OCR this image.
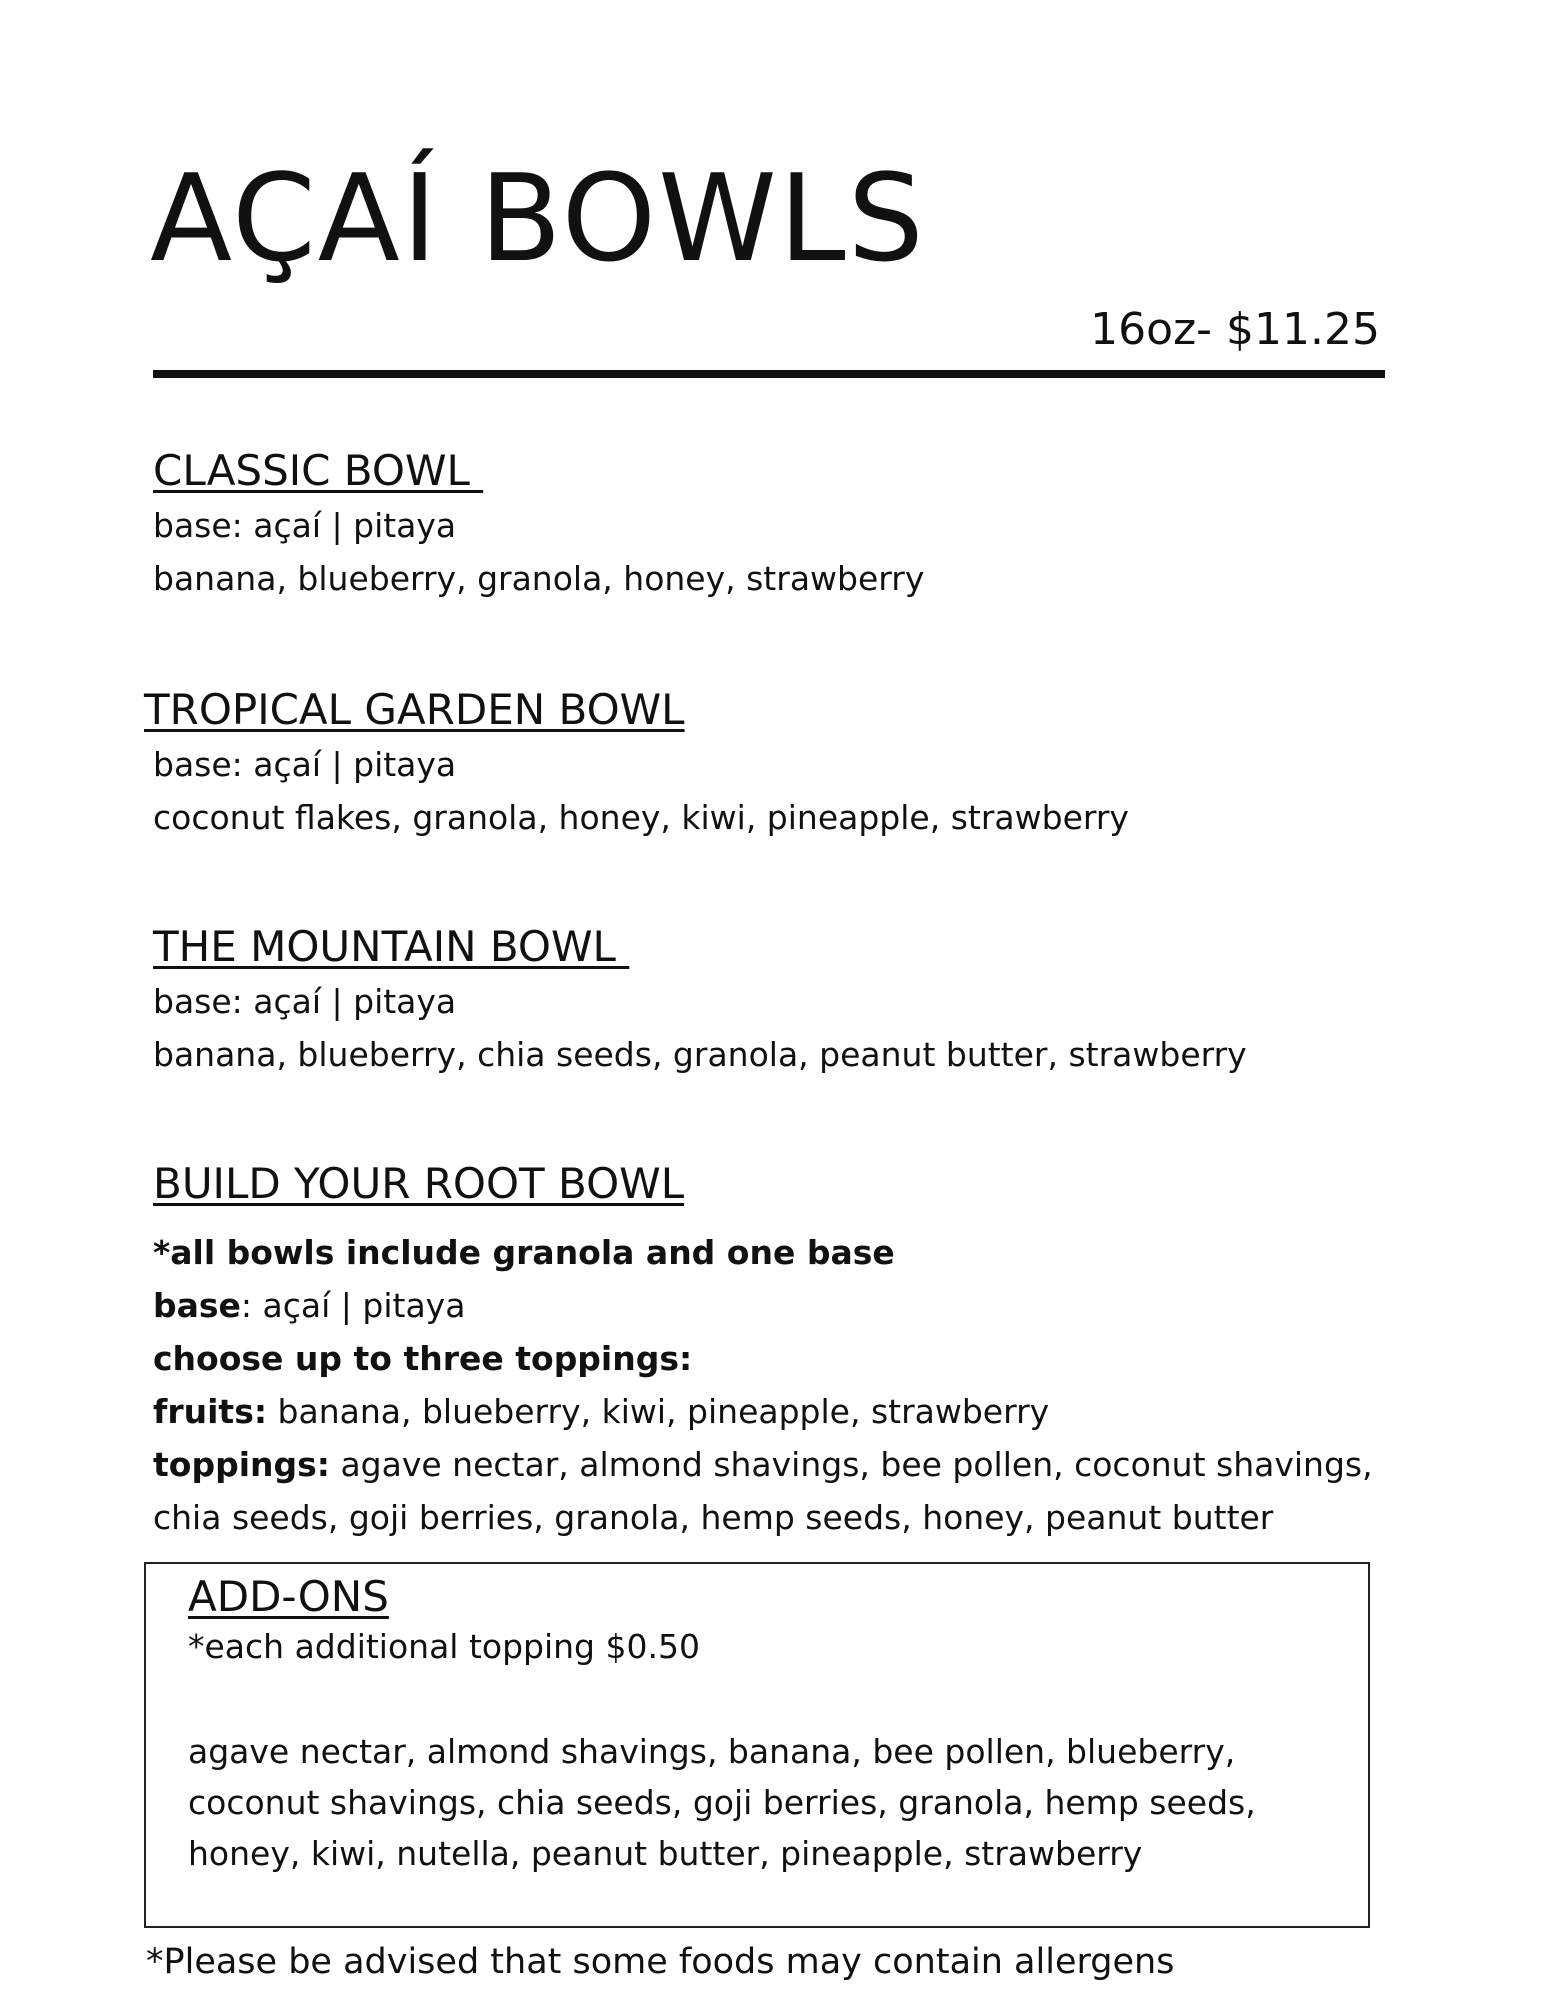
AÇAÍ BOWLS
16oz- $11.25
CLASSIC BOWL
base: açaí | pitaya
banana, blueberry, granola, honey, strawberry
TROPICAL GARDEN BOWL
base: açaí | pitaya
coconut flakes, granola, honey, kiwi, pineapple, strawberry
THE MOUNTAIN BOWL
base: açaí | pitaya
banana, blueberry, chia seeds, granola, peanut butter, strawberry
BUILD YOUR ROOT BOWL
*all bowls include granola and one base
base: açaí | pitaya
choose up to three toppings:
fruits: banana, blueberry, kiwi, pineapple, strawberry
toppings: agave nectar, almond shavings, bee pollen, coconut shavings,
chia seeds, goji berries, granola, hemp seeds, honey, peanut butter
ADD-ONS
*each additional topping $0.50
agave nectar, almond shavings, banana, bee pollen, blueberry,
coconut shavings, chia seeds, goji berries, granola, hemp seeds,
honey, kiwi, nutella, peanut butter, pineapple, strawberry
*Please be advised that some foods may contain allergens
